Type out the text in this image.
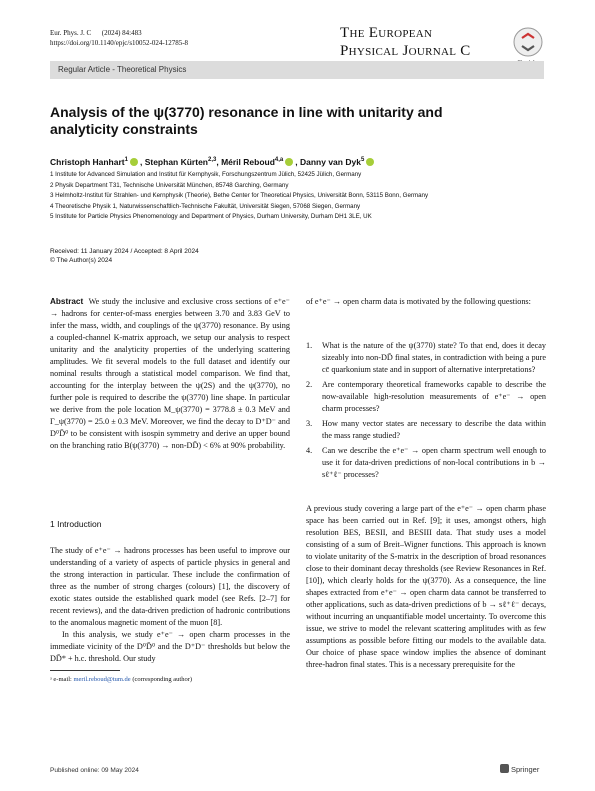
Eur. Phys. J. C (2024) 84:483
https://doi.org/10.1140/epjc/s10052-024-12785-8
The European
Physical Journal C
Regular Article - Theoretical Physics
Analysis of the ψ(3770) resonance in line with unitarity and analyticity constraints
Christoph Hanhart$^1$ , Stephan Kürten$^{2,3}$, Méril Reboud$^{4,a}$ , Danny van Dyk$^5$
1 Institute for Advanced Simulation and Institut für Kernphysik, Forschungszentrum Jülich, 52425 Jülich, Germany
2 Physik Department T31, Technische Universität München, 85748 Garching, Germany
3 Helmholtz-Institut für Strahlen- und Kernphysik (Theorie), Bethe Center for Theoretical Physics, Universität Bonn, 53115 Bonn, Germany
4 Theoretische Physik 1, Naturwissenschaftlich-Technische Fakultät, Universität Siegen, 57068 Siegen, Germany
5 Institute for Particle Physics Phenomenology and Department of Physics, Durham University, Durham DH1 3LE, UK
Received: 11 January 2024 / Accepted: 8 April 2024
© The Author(s) 2024
Abstract We study the inclusive and exclusive cross sections of e⁺e⁻ → hadrons for center-of-mass energies between 3.70 and 3.83 GeV to infer the mass, width, and couplings of the ψ(3770) resonance. By using a coupled-channel K-matrix approach, we setup our analysis to respect unitarity and the analyticity properties of the underlying scattering amplitudes. We fit several models to the full dataset and identify our nominal results through a statistical model comparison. We find that, accounting for the interplay between the ψ(2S) and the ψ(3770), no further pole is required to describe the ψ(3770) line shape. In particular we derive from the pole location M_ψ(3770) = 3778.8 ± 0.3 MeV and Γ_ψ(3770) = 25.0 ± 0.3 MeV. Moreover, we find the decay to D⁺D⁻ and D⁰D̄⁰ to be consistent with isospin symmetry and derive an upper bound on the branching ratio B(ψ(3770) → non-DD̄) < 6% at 90% probability.
1 Introduction

The study of e⁺e⁻ → hadrons processes has been useful to improve our understanding of a variety of aspects of particle physics in general and the strong interaction in particular. These include the confirmation of three as the number of strong charges (colours) [1], the discovery of exotic states outside the established quark model (see Refs. [2–7] for recent reviews), and the data-driven prediction of hadronic contributions to the anomalous magnetic moment of the muon [8].

In this analysis, we study e⁺e⁻ → open charm processes in the immediate vicinity of the D⁰D̄⁰ and the D⁺D⁻ thresholds but below the DD̄* + h.c. threshold. Our study

ᵃ e-mail: meril.reboud@tum.de (corresponding author)
of e⁺e⁻ → open charm data is motivated by the following questions:
1. What is the nature of the ψ(3770) state? To that end, does it decay sizeably into non-DD̄ final states, in contradiction with being a pure cc̄ quarkonium state and in support of alternative interpretations?
2. Are contemporary theoretical frameworks capable to describe the now-available high-resolution measurements of e⁺e⁻ → open charm processes?
3. How many vector states are necessary to describe the data within the mass range studied?
4. Can we describe the e⁺e⁻ → open charm spectrum well enough to use it for data-driven predictions of non-local contributions in b → sℓ⁺ℓ⁻ processes?
A previous study covering a large part of the e⁺e⁻ → open charm phase space has been carried out in Ref. [9]; it uses, amongst others, high resolution BES, BESII, and BESIII data. That study uses a model consisting of a sum of Breit–Wigner functions. This approach is known to violate unitarity of the S-matrix in the description of broad resonances close to their dominant decay thresholds (see Review Resonances in Ref. [10]), which clearly holds for the ψ(3770). As a consequence, the line shapes extracted from e⁺e⁻ → open charm data cannot be transferred to other applications, such as data-driven predictions of b → sℓ⁺ℓ⁻ decays, without incurring an unquantifiable model uncertainty. To overcome this issue, we strive to model the relevant scattering amplitudes with as few assumptions as possible before fitting our models to the available data. Our choice of phase space window implies the absence of dominant three-hadron final states. This is a necessary prerequisite for the
Published online: 09 May 2024	Springer
